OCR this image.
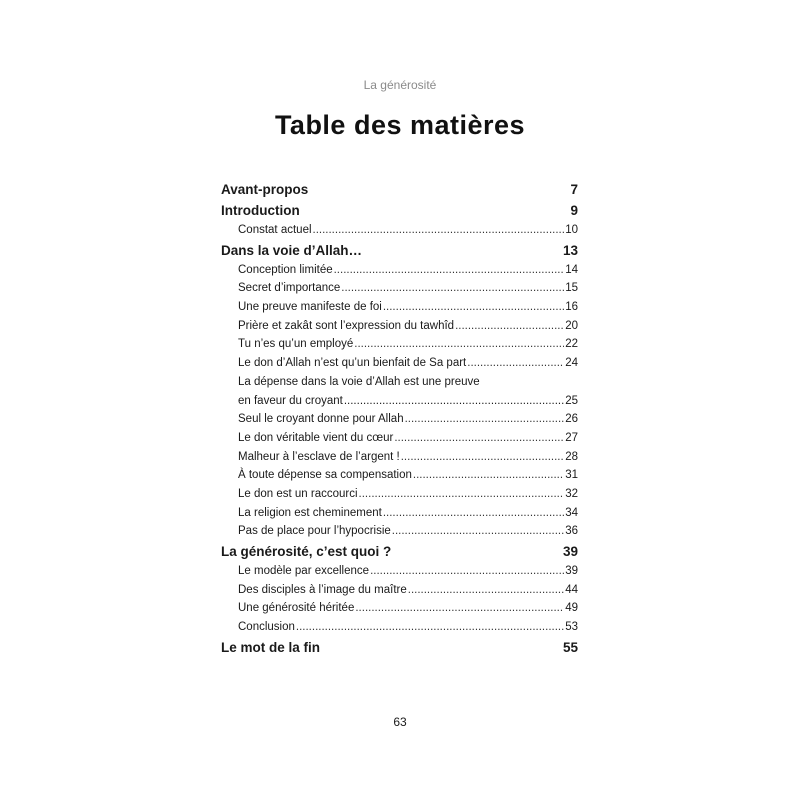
La générosité
Table des matières
Avant-propos	7
Introduction	9
Constat actuel .....	10
Dans la voie d’Allah…	13
Conception limitée .....	14
Secret d’importance .....	15
Une preuve manifeste de foi .....	16
Prière et zakât sont l’expression du tawhîd .....	20
Tu n’es qu’un employé .....	22
Le don d’Allah n’est qu’un bienfait de Sa part .....	24
La dépense dans la voie d’Allah est une preuve
en faveur du croyant .....	25
Seul le croyant donne pour Allah .....	26
Le don véritable vient du cœur .....	27
Malheur à l’esclave de l’argent ! .....	28
À toute dépense sa compensation .....	31
Le don est un raccourci .....	32
La religion est cheminement .....	34
Pas de place pour l’hypocrisie .....	36
La générosité, c’est quoi ?	39
Le modèle par excellence .....	39
Des disciples à l’image du maître .....	44
Une générosité héritée .....	49
Conclusion .....	53
Le mot de la fin	55
63
